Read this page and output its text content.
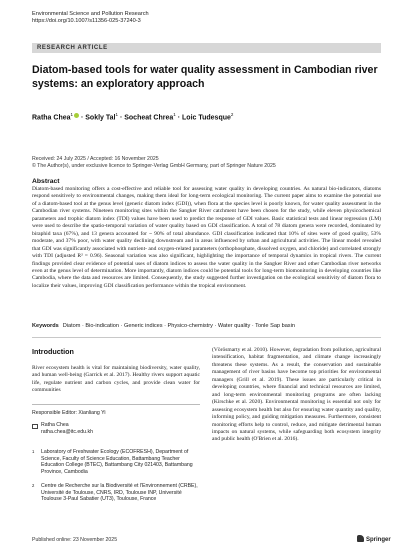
Environmental Science and Pollution Research
https://doi.org/10.1007/s11356-025-37240-3
RESEARCH ARTICLE
Diatom-based tools for water quality assessment in Cambodian river systems: an exploratory approach
Ratha Chea$^1$ · Sokly Tal$^1$ · Socheat Chrea$^1$ · Loic Tudesque$^2$
Received: 24 July 2025 / Accepted: 16 November 2025
© The Author(s), under exclusive licence to Springer-Verlag GmbH Germany, part of Springer Nature 2025
Abstract
Diatom-based monitoring offers a cost-effective and reliable tool for assessing water quality in developing countries. As natural bio-indicators, diatoms respond sensitively to environmental changes, making them ideal for long-term ecological monitoring. The current paper aims to examine the potential use of a diatom-based tool at the genus level (generic diatom index (GDI)), when flora at the species level is poorly known, for water quality assessment in the Cambodian river systems. Nineteen monitoring sites within the Sangker River catchment have been chosen for the study, while eleven physicochemical parameters and trophic diatom index (TDI) values have been used to predict the response of GDI values. Basic statistical tests and linear regression (LM) were used to describe the spatio-temporal variation of water quality based on GDI classification. A total of 78 diatom genera were recorded, dominated by biraphid taxa (67%), and 13 genera accounted for ~ 90% of total abundance. GDI classification indicated that 10% of sites were of good quality, 53% moderate, and 37% poor, with water quality declining downstream and in areas influenced by urban and agricultural activities. The linear model revealed that GDI was significantly associated with nutrient- and oxygen-related parameters (orthophosphate, dissolved oxygen, and chloride) and correlated strongly with TDI (adjusted R² = 0.96). Seasonal variation was also significant, highlighting the importance of temporal dynamics in tropical rivers. The current findings provided clear evidence of potential uses of diatom indices to assess the water quality in the Sangker River and other Cambodian river networks even at the genus level of determination. More importantly, diatom indices could be potential tools for long-term biomonitoring in developing countries like Cambodia, where the data and resources are limited. Consequently, the study suggested further investigation on the ecological sensitivity of diatom flora to localize their values, improving GDI classification performance within the tropical environment.
Keywords Diatom · Bio-indication · Generic indices · Physico-chemistry · Water quality · Tonle Sap basin
Introduction
River ecosystem health is vital for maintaining biodiversity, water quality, and human well-being (Garrick et al. 2017). Healthy rivers support aquatic life, regulate nutrient and carbon cycles, and provide clean water for communities
(Vörösmarty et al. 2010). However, degradation from pollution, agricultural intensification, habitat fragmentation, and climate change increasingly threatens these systems. As a result, the conservation and sustainable management of river basins have become top priorities for environmental managers (Grill et al. 2019). These issues are particularly critical in developing countries, where financial and technical resources are limited, and long-term environmental monitoring programs are often lacking (Kirschke et al. 2020). Environmental monitoring is essential not only for assessing ecosystem health but also for ensuring water quantity and quality, informing policy, and guiding mitigation measures. Furthermore, consistent monitoring efforts help to control, reduce, and mitigate detrimental human impacts on natural systems, while safeguarding both ecosystem integrity and public health (O'Brien et al. 2016).
Responsible Editor: Xianliang Yi
Ratha Chea
ratha.chea@itc.edu.kh
1 Laboratory of Freshwater Ecology (ECOFRESH), Department of Science, Faculty of Science Education, Battambang Teacher Education College (BTEC), Battambang City 021403, Battambang Province, Cambodia
2 Centre de Recherche sur la Biodiversité et l'Environnement (CRBE), Université de Toulouse, CNRS, IRD, Toulouse INP, Université Toulouse 3-Paul Sabatier (UT3), Toulouse, France
Published online: 23 November 2025	Springer
